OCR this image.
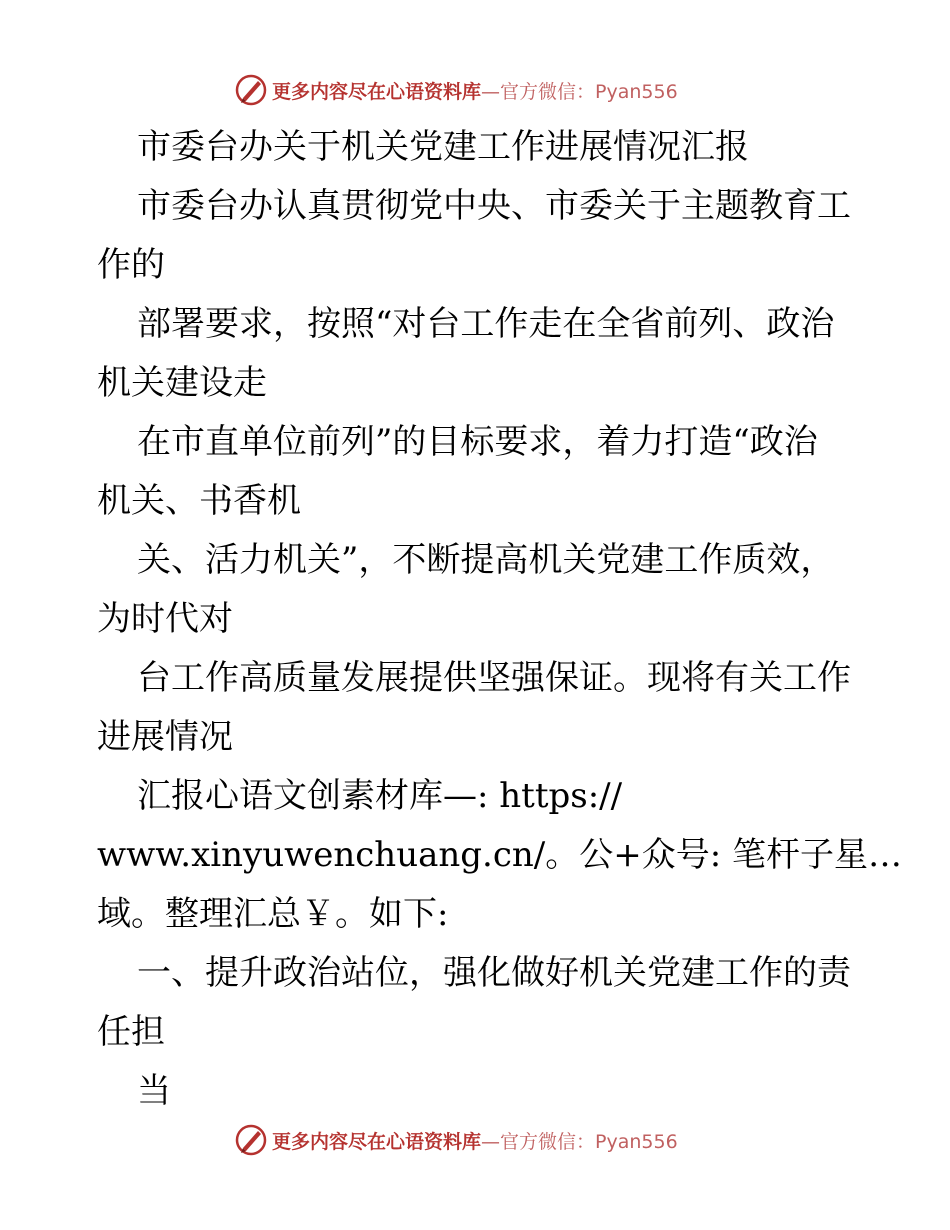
更多内容尽在心语资料库—官方微信：Pyan556
市委台办关于机关党建工作进展情况汇报
市委台办认真贯彻党中央、市委关于主题教育工
作的
部署要求，按照“对台工作走在全省前列、政治
机关建设走
在市直单位前列”的目标要求，着力打造“政治
机关、书香机
关、活力机关”，不断提高机关党建工作质效，
为时代对
台工作高质量发展提供坚强保证。现将有关工作
进展情况
汇报心语文创素材库—: https://
www.xinyuwenchuang.cn/。公+众号: 笔杆子星…
域。整理汇总￥。如下:
一、提升政治站位，强化做好机关党建工作的责
任担
当
更多内容尽在心语资料库—官方微信：Pyan556
